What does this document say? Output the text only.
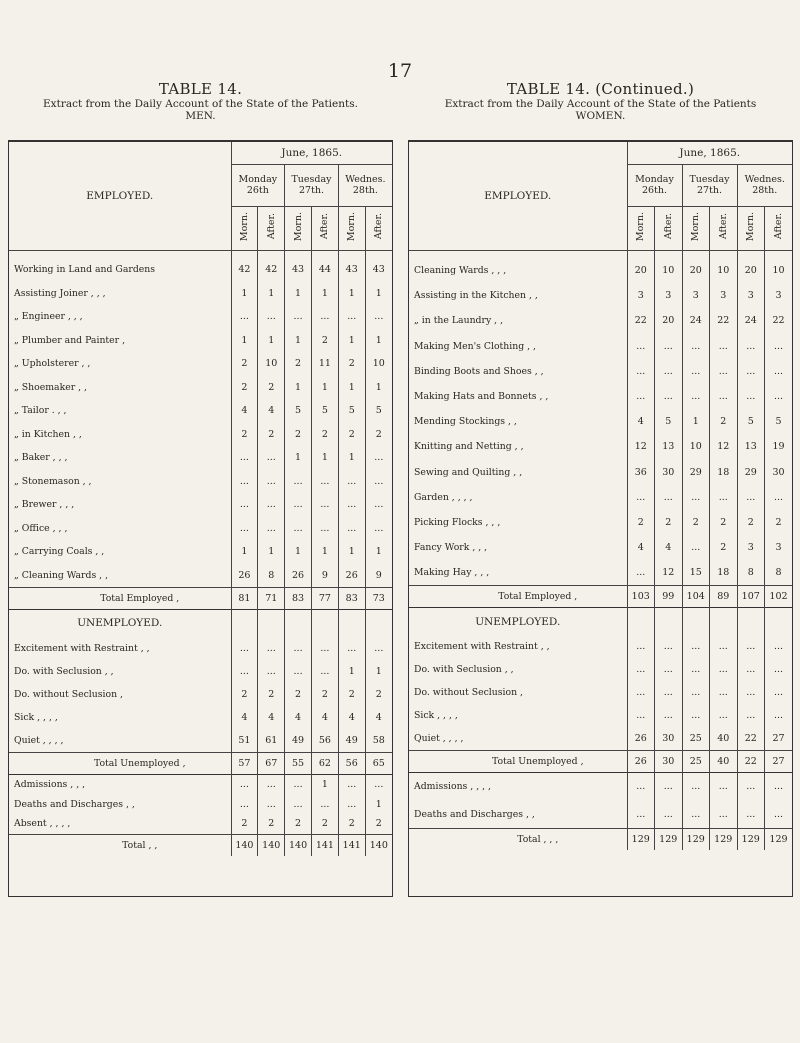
17
TABLE 14.
Extract from the Daily Account of the State of the Patients.
MEN.
EMPLOYED.	June, 1865.					
	Monday 26th		Tuesday 27th.		Wednes. 28th.	
	Morn.	After.	Morn.	After.	Morn.	After.

Working in Land and Gardens	42	42	43	44	43	43
Assisting Joiner , , ,	1	1	1	1	1	1
„ Engineer , , ,	...	...	...	...	...	...
„ Plumber and Painter ,	1	1	1	2	1	1
„ Upholsterer , ,	2	10	2	11	2	10
„ Shoemaker , ,	2	2	1	1	1	1
„ Tailor . , ,	4	4	5	5	5	5
„ in Kitchen , ,	2	2	2	2	2	2
„ Baker , , ,	...	...	1	1	1	...
„ Stonemason , ,	...	...	...	...	...	...
„ Brewer , , ,	...	...	...	...	...	...
„ Office , , ,	...	...	...	...	...	...
„ Carrying Coals , ,	1	1	1	1	1	1
„ Cleaning Wards , ,	26	8	26	9	26	9
Total Employed ,	81	71	83	77	83	73
UNEMPLOYED.						
Excitement with Restraint , ,	...	...	...	...	...	...
Do. with Seclusion , ,	...	...	...	...	1	1
Do. without Seclusion ,	2	2	2	2	2	2
Sick , , , ,	4	4	4	4	4	4
Quiet , , , ,	51	61	49	56	49	58
Total Unemployed ,	57	67	55	62	56	65
Admissions , , ,	...	...	...	1	...	...
Deaths and Discharges , ,	...	...	...	...	...	1
Absent , , , ,	2	2	2	2	2	2
Total , ,	140	140	140	141	141	140
TABLE 14. (Continued.)
Extract from the Daily Account of the State of the Patients
WOMEN.
EMPLOYED.	June, 1865.					
	Monday 26th.		Tuesday 27th.		Wednes. 28th.	
	Morn.	After.	Morn.	After.	Morn.	After.

Cleaning Wards , , ,	20	10	20	10	20	10
Assisting in the Kitchen , ,	3	3	3	3	3	3
„ in the Laundry , ,	22	20	24	22	24	22
Making Men's Clothing , ,	...	...	...	...	...	...
Binding Boots and Shoes , ,	...	...	...	...	...	...
Making Hats and Bonnets , ,	...	...	...	...	...	...
Mending Stockings , ,	4	5	1	2	5	5
Knitting and Netting , ,	12	13	10	12	13	19
Sewing and Quilting , ,	36	30	29	18	29	30
Garden , , , ,	...	...	...	...	...	...
Picking Flocks , , ,	2	2	2	2	2	2
Fancy Work , , ,	4	4	...	2	3	3
Making Hay , , ,	...	12	15	18	8	8
Total Employed ,	103	99	104	89	107	102
UNEMPLOYED.						
Excitement with Restraint , ,	...	...	...	...	...	...
Do. with Seclusion , ,	...	...	...	...	...	...
Do. without Seclusion ,	...	...	...	...	...	...
Sick , , , ,	...	...	...	...	...	...
Quiet , , , ,	26	30	25	40	22	27
Total Unemployed ,	26	30	25	40	22	27
Admissions , , , ,	...	...	...	...	...	...
Deaths and Discharges , ,	...	...	...	...	...	...
Total , , ,	129	129	129	129	129	129
